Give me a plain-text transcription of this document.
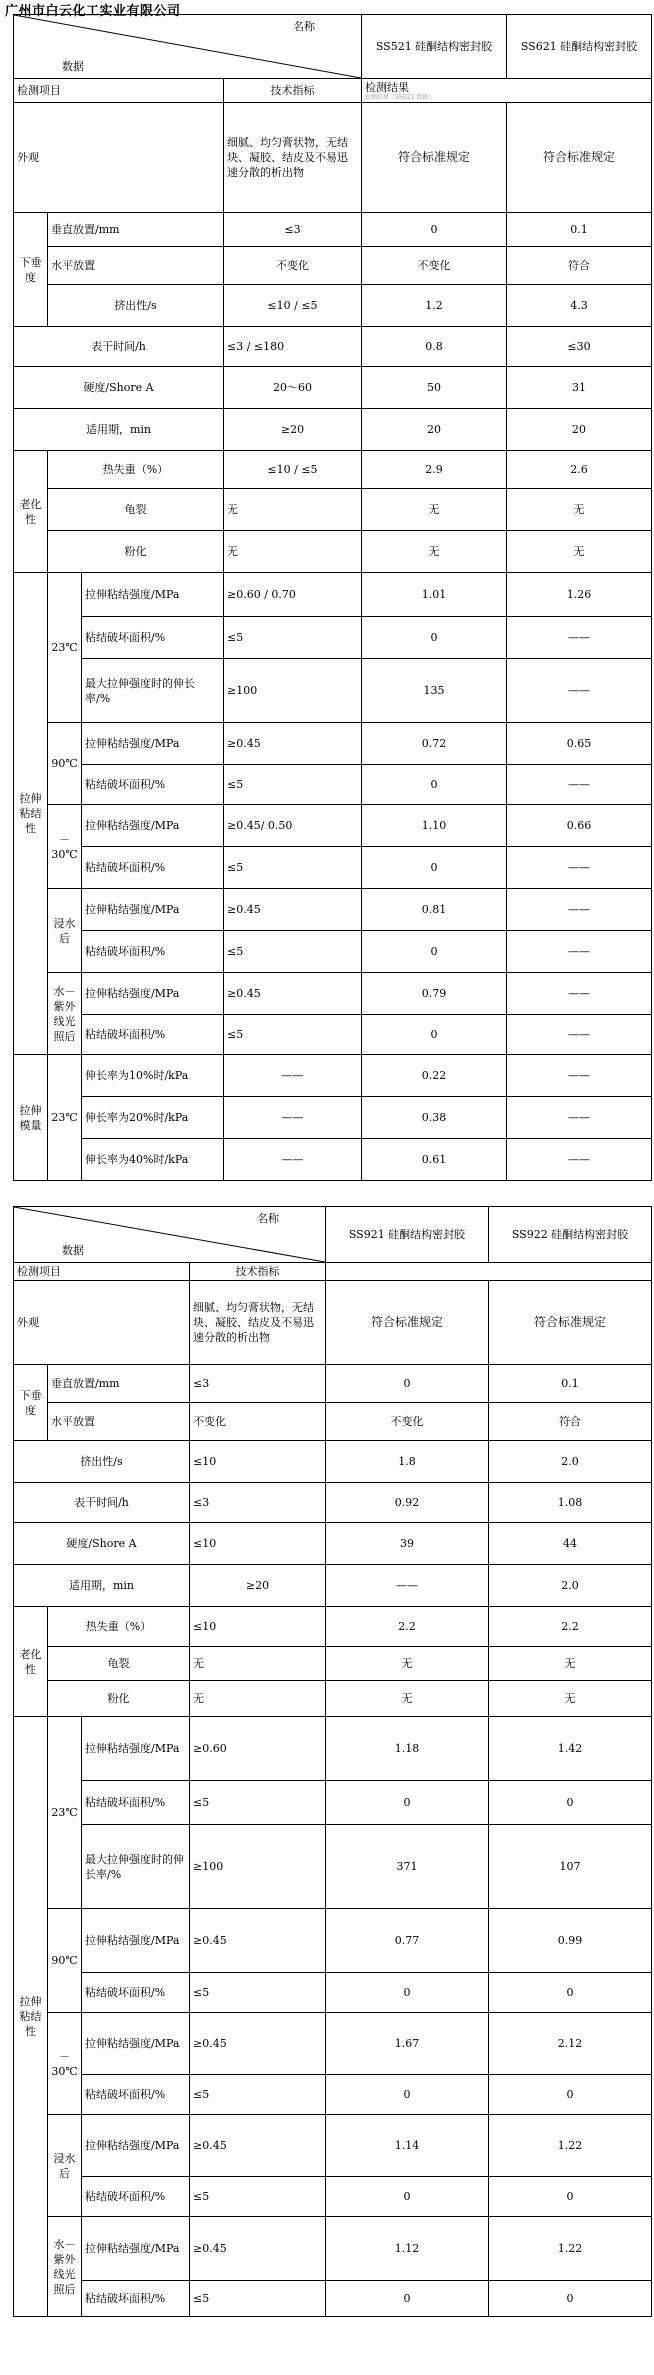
广州市白云化工实业有限公司
名称
数据				SS521 硅酮结构密封胶	SS621 硅酮结构密封胶
检测项目			技术指标	检测结果
检测结果（SS621 数据）	

外观			细腻、均匀膏状物，无结块、凝胶、结皮及不易迅速分散的析出物	符合标准规定	符合标准规定
下垂度	垂直放置/mm		≤3	0	0.1
	水平放置		不变化	不变化	符合
	挤出性/s		≤10 / ≤5	1.2	4.3
表干时间/h			≤3 / ≤180	0.8	≤30
硬度/Shore A			20～60	50	31
适用期，min			≥20	20	20
老化性	热失重（%）		≤10 / ≤5	2.9	2.6
	龟裂		无	无	无
	粉化		无	无	无
拉伸粘结性	23℃	拉伸粘结强度/MPa	≥0.60 / 0.70	1.01	1.26
		粘结破坏面积/%	≤5	0	——
		最大拉伸强度时的伸长率/%	≥100	135	——
	90℃	拉伸粘结强度/MPa	≥0.45	0.72	0.65
		粘结破坏面积/%	≤5	0	——
	－30℃	拉伸粘结强度/MPa	≥0.45/ 0.50	1.10	0.66
		粘结破坏面积/%	≤5	0	——
	浸水后	拉伸粘结强度/MPa	≥0.45	0.81	——
		粘结破坏面积/%	≤5	0	——
	水－紫外线光照后	拉伸粘结强度/MPa	≥0.45	0.79	——
		粘结破坏面积/%	≤5	0	——
拉伸模量	23℃	伸长率为10%时/kPa	——	0.22	——
		伸长率为20%时/kPa	——	0.38	——
		伸长率为40%时/kPa	——	0.61	——
名称
数据				SS921 硅酮结构密封胶	SS922 硅酮结构密封胶
检测项目			技术指标		
外观			细腻、均匀膏状物，无结块、凝胶、结皮及不易迅速分散的析出物	符合标准规定	符合标准规定
下垂度	垂直放置/mm		≤3	0	0.1
	水平放置		不变化	不变化	符合
挤出性/s			≤10	1.8	2.0
表干时间/h			≤3	0.92	1.08
硬度/Shore A			≤10	39	44
适用期，min			≥20	——	2.0
老化性	热失重（%）		≤10	2.2	2.2
	龟裂		无	无	无
	粉化		无	无	无
拉伸粘结性	23℃	拉伸粘结强度/MPa	≥0.60	1.18	1.42
		粘结破坏面积/%	≤5	0	0
		最大拉伸强度时的伸长率/%	≥100	371	107
	90℃	拉伸粘结强度/MPa	≥0.45	0.77	0.99
		粘结破坏面积/%	≤5	0	0
	－30℃	拉伸粘结强度/MPa	≥0.45	1.67	2.12
		粘结破坏面积/%	≤5	0	0
	浸水后	拉伸粘结强度/MPa	≥0.45	1.14	1.22
		粘结破坏面积/%	≤5	0	0
	水－紫外线光照后	拉伸粘结强度/MPa	≥0.45	1.12	1.22
		粘结破坏面积/%	≤5	0	0
